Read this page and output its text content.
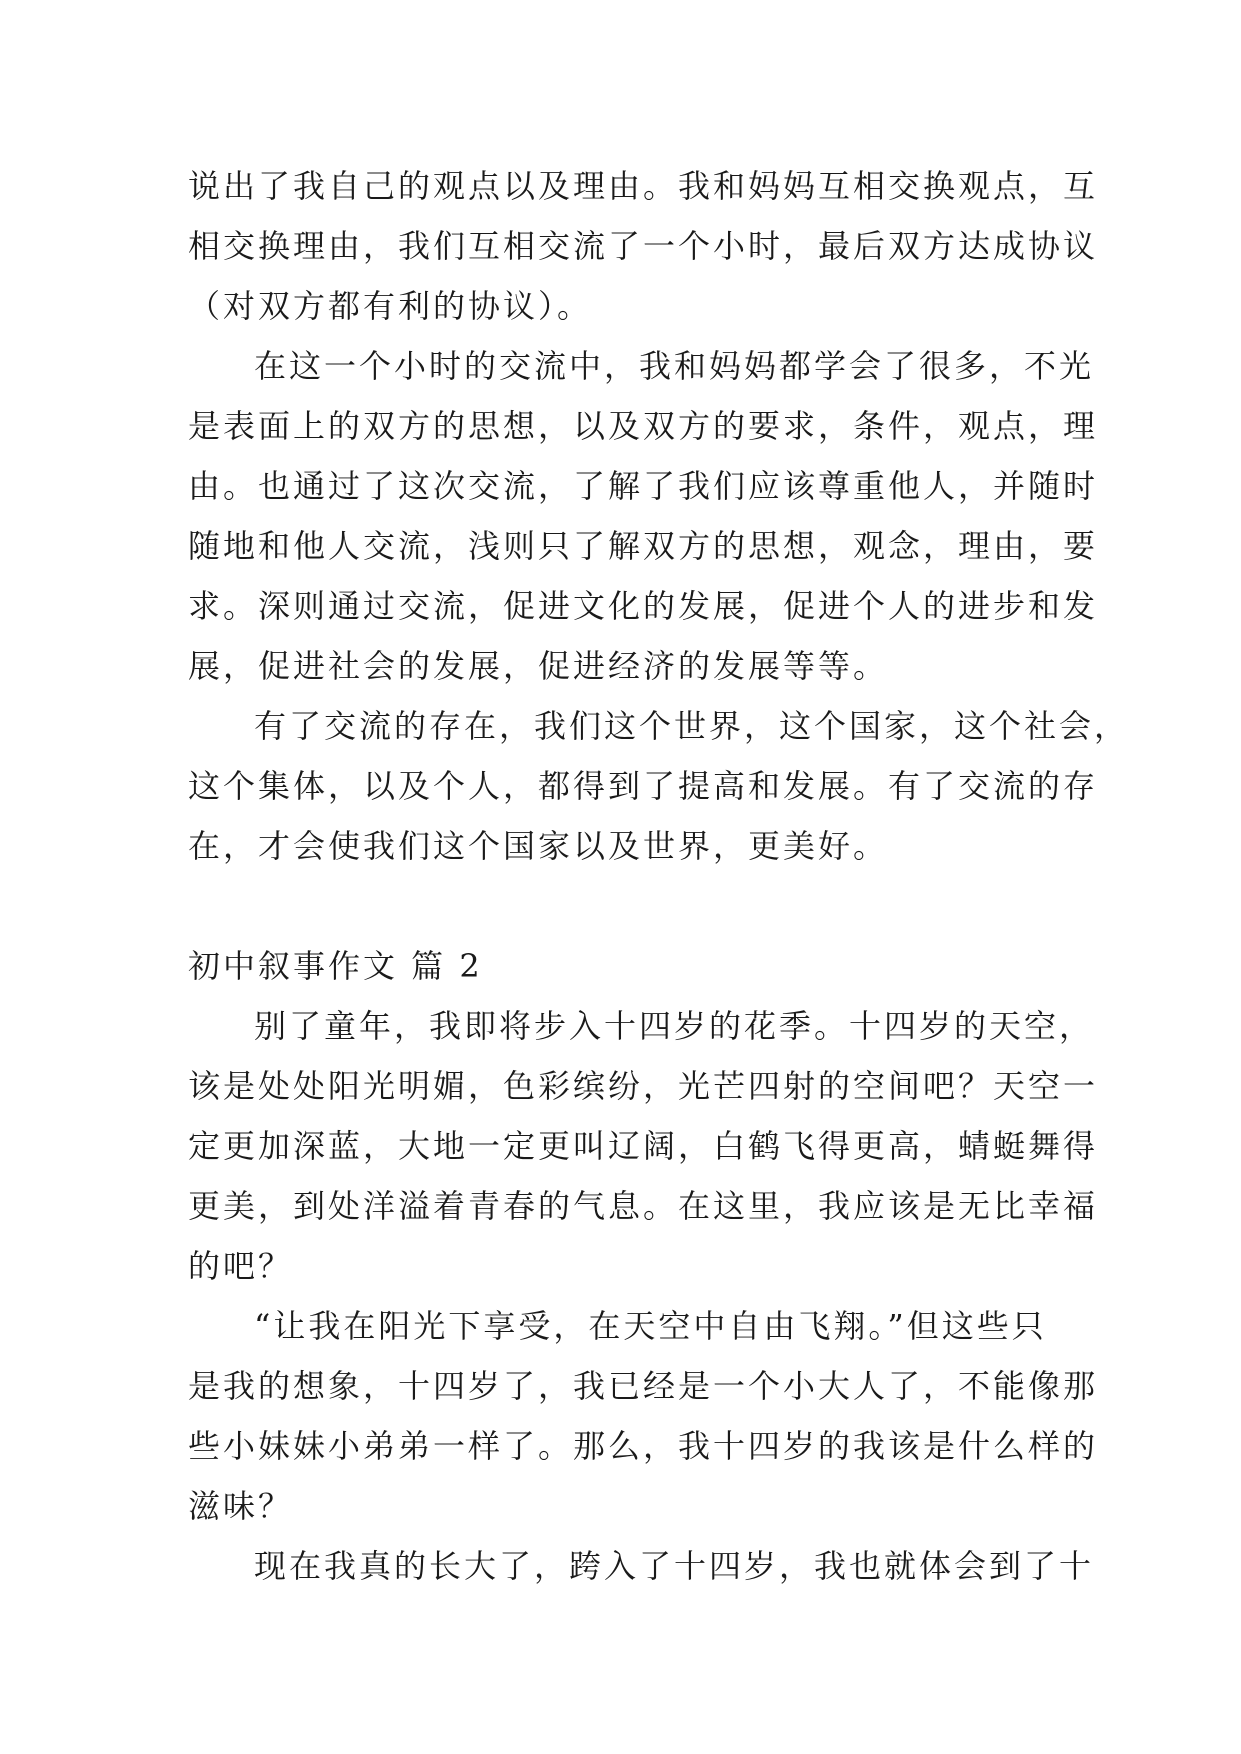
说出了我自己的观点以及理由。我和妈妈互相交换观点，互
相交换理由，我们互相交流了一个小时，最后双方达成协议
（对双方都有利的协议）。
在这一个小时的交流中，我和妈妈都学会了很多，不光
是表面上的双方的思想，以及双方的要求，条件，观点，理
由。也通过了这次交流，了解了我们应该尊重他人，并随时
随地和他人交流，浅则只了解双方的思想，观念，理由，要
求。深则通过交流，促进文化的发展，促进个人的进步和发
展，促进社会的发展，促进经济的发展等等。
有了交流的存在，我们这个世界，这个国家，这个社会，
这个集体，以及个人，都得到了提高和发展。有了交流的存
在，才会使我们这个国家以及世界，更美好。
初中叙事作文 篇 2
别了童年，我即将步入十四岁的花季。十四岁的天空，
该是处处阳光明媚，色彩缤纷，光芒四射的空间吧？天空一
定更加深蓝，大地一定更叫辽阔，白鹤飞得更高，蜻蜓舞得
更美，到处洋溢着青春的气息。在这里，我应该是无比幸福
的吧？
“让我在阳光下享受，在天空中自由飞翔。”但这些只
是我的想象，十四岁了，我已经是一个小大人了，不能像那
些小妹妹小弟弟一样了。那么，我十四岁的我该是什么样的
滋味？
现在我真的长大了，跨入了十四岁，我也就体会到了十
